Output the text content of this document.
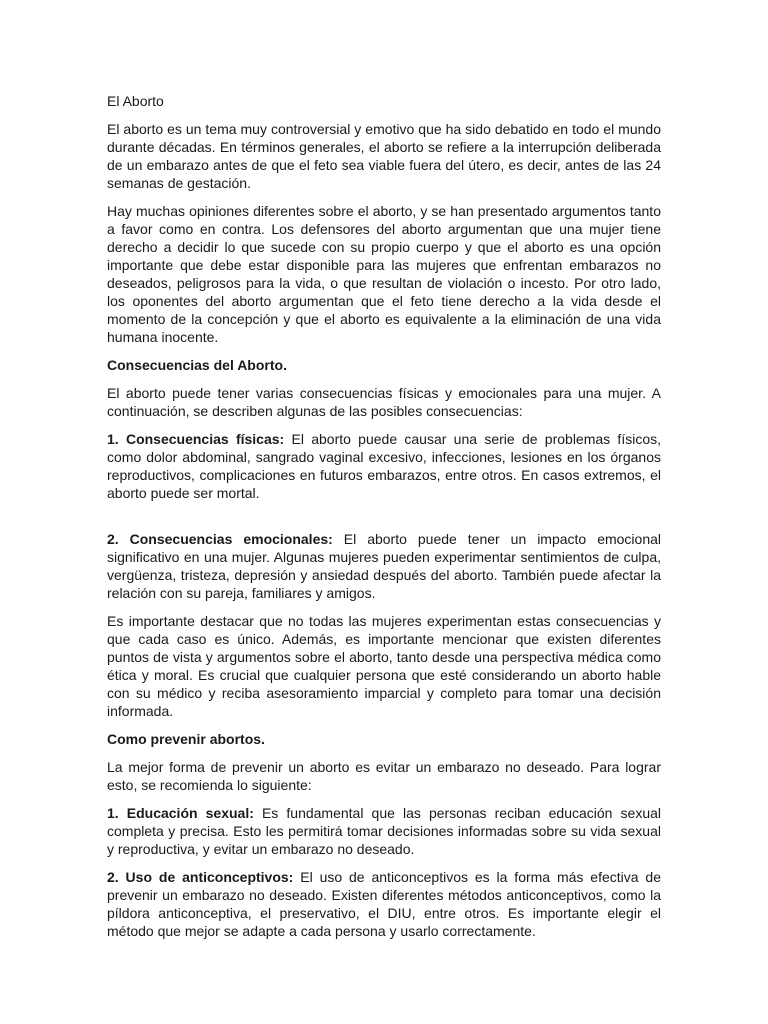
El Aborto

El aborto es un tema muy controversial y emotivo que ha sido debatido en todo el mundo durante décadas. En términos generales, el aborto se refiere a la interrupción deliberada de un embarazo antes de que el feto sea viable fuera del útero, es decir, antes de las 24 semanas de gestación.

Hay muchas opiniones diferentes sobre el aborto, y se han presentado argumentos tanto a favor como en contra. Los defensores del aborto argumentan que una mujer tiene derecho a decidir lo que sucede con su propio cuerpo y que el aborto es una opción importante que debe estar disponible para las mujeres que enfrentan embarazos no deseados, peligrosos para la vida, o que resultan de violación o incesto. Por otro lado, los oponentes del aborto argumentan que el feto tiene derecho a la vida desde el momento de la concepción y que el aborto es equivalente a la eliminación de una vida humana inocente.

Consecuencias del Aborto.

El aborto puede tener varias consecuencias físicas y emocionales para una mujer. A continuación, se describen algunas de las posibles consecuencias:

1. Consecuencias físicas: El aborto puede causar una serie de problemas físicos, como dolor abdominal, sangrado vaginal excesivo, infecciones, lesiones en los órganos reproductivos, complicaciones en futuros embarazos, entre otros. En casos extremos, el aborto puede ser mortal.

2. Consecuencias emocionales: El aborto puede tener un impacto emocional significativo en una mujer. Algunas mujeres pueden experimentar sentimientos de culpa, vergüenza, tristeza, depresión y ansiedad después del aborto. También puede afectar la relación con su pareja, familiares y amigos.

Es importante destacar que no todas las mujeres experimentan estas consecuencias y que cada caso es único. Además, es importante mencionar que existen diferentes puntos de vista y argumentos sobre el aborto, tanto desde una perspectiva médica como ética y moral. Es crucial que cualquier persona que esté considerando un aborto hable con su médico y reciba asesoramiento imparcial y completo para tomar una decisión informada.

Como prevenir abortos.

La mejor forma de prevenir un aborto es evitar un embarazo no deseado. Para lograr esto, se recomienda lo siguiente:

1. Educación sexual: Es fundamental que las personas reciban educación sexual completa y precisa. Esto les permitirá tomar decisiones informadas sobre su vida sexual y reproductiva, y evitar un embarazo no deseado.

2. Uso de anticonceptivos: El uso de anticonceptivos es la forma más efectiva de prevenir un embarazo no deseado. Existen diferentes métodos anticonceptivos, como la píldora anticonceptiva, el preservativo, el DIU, entre otros. Es importante elegir el método que mejor se adapte a cada persona y usarlo correctamente.
